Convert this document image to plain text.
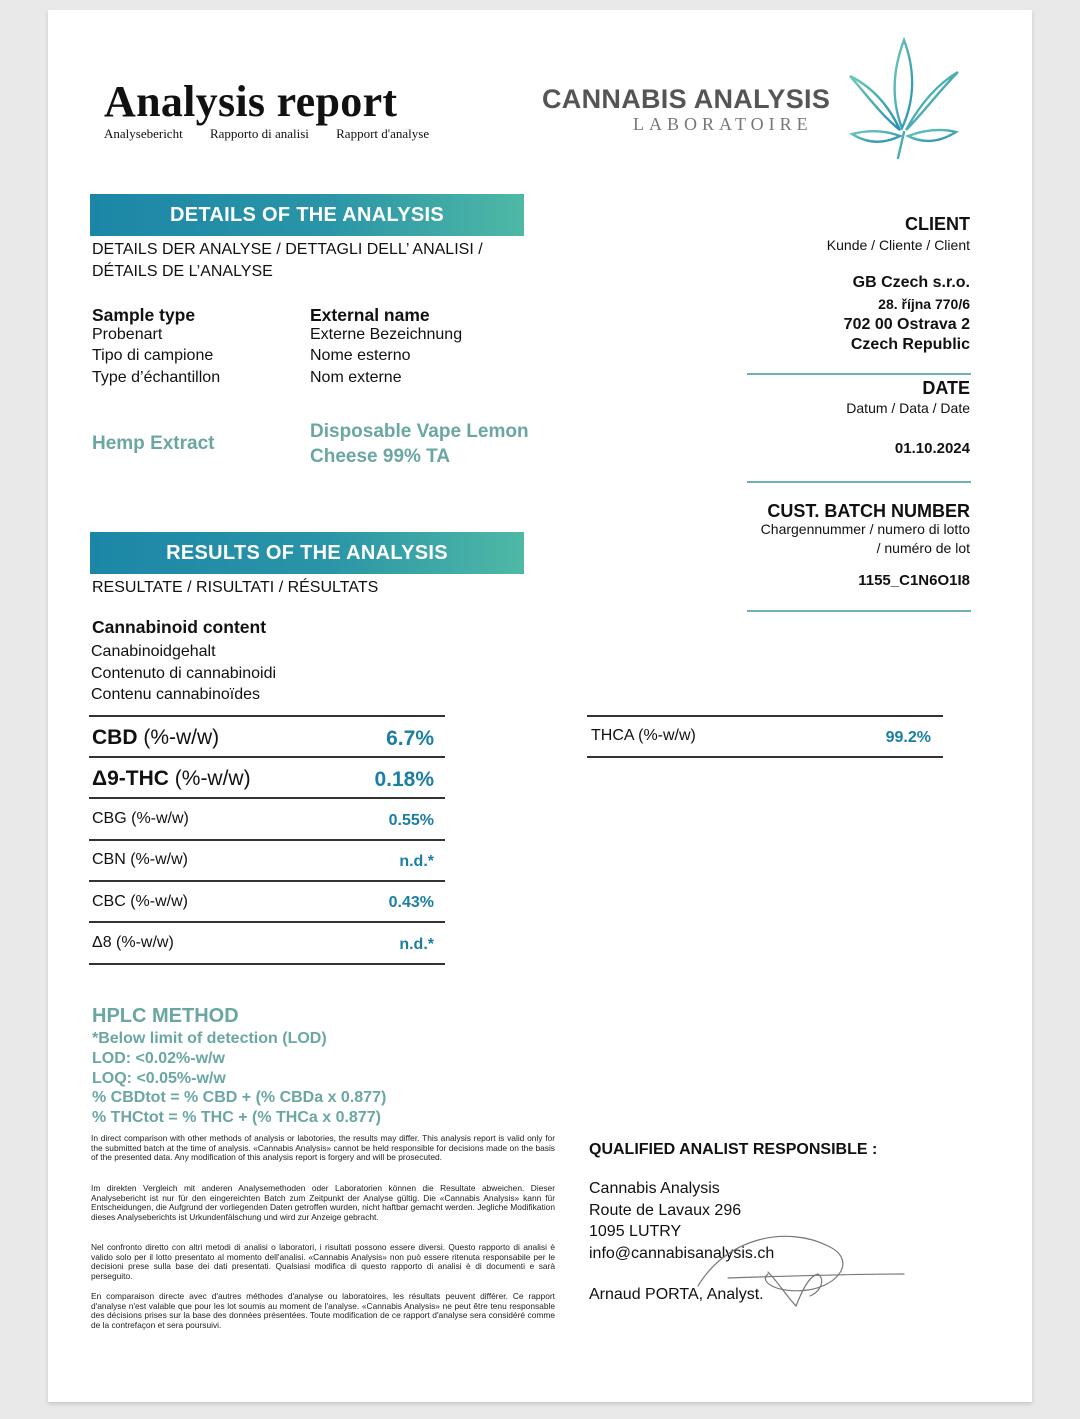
Analysis report
Analysebericht Rapporto di analisi Rapport d'analyse
CANNABIS ANALYSIS
LABORATOIRE
DETAILS OF THE ANALYSIS
DETAILS DER ANALYSE / DETTAGLI DELL’ ANALISI /
DÉTAILS DE L’ANALYSE
Sample type
Probenart
Tipo di campione
Type d’échantillon
Hemp Extract
External name
Externe Bezeichnung
Nome esterno
Nom externe
Disposable Vape Lemon
Cheese 99% TA
CLIENT
Kunde / Cliente / Client
GB Czech s.r.o.
28. října 770/6
702 00 Ostrava 2
Czech Republic
DATE
Datum / Data / Date
01.10.2024
CUST. BATCH NUMBER
Chargennummer / numero di lotto
/ numéro de lot
1155_C1N6O1I8
RESULTS OF THE ANALYSIS
RESULTATE / RISULTATI / RÉSULTATS
Cannabinoid content
Canabinoidgehalt
Contenuto di cannabinoidi
Contenu cannabinoïdes
CBD (%-w/w)	6.7%
Δ9-THC (%-w/w)	0.18%
CBG (%-w/w)	0.55%
CBN (%-w/w)	n.d.*
CBC (%-w/w)	0.43%
Δ8 (%-w/w)	n.d.*
THCA (%-w/w)	99.2%
HPLC METHOD
*Below limit of detection (LOD)
LOD: <0.02%-w/w
LOQ: <0.05%-w/w
% CBDtot = % CBD + (% CBDa x 0.877)
% THCtot = % THC + (% THCa x 0.877)
In direct comparison with other methods of analysis or labotories, the results may differ. This analysis report is valid only for the submitted batch at the time of analysis. «Cannabis Analysis» cannot be held responsible for decisions made on the basis of the presented data. Any modification of this analysis report is forgery and will be prosecuted.
Im direkten Vergleich mit anderen Analysemethoden oder Laboratorien können die Resultate abweichen. Dieser Analysebericht ist nur für den eingereichten Batch zum Zeitpunkt der Analyse gültig. Die «Cannabis Analysis» kann für Entscheidungen, die Aufgrund der vorliegenden Daten getroffen wurden, nicht haftbar gemacht werden. Jegliche Modifikation dieses Analyseberichts ist Urkundenfälschung und wird zur Anzeige gebracht.
Nel confronto diretto con altri metodi di analisi o laboratori, i risultati possono essere diversi. Questo rapporto di analisi è valido solo per il lotto presentato al momento dell'analisi. «Cannabis Analysis» non può essere ritenuta responsabile per le decisioni prese sulla base dei dati presentati. Qualsiasi modifica di questo rapporto di analisi è di documenti e sarà perseguito.
En comparaison directe avec d'autres méthodes d'analyse ou laboratoires, les résultats peuvent différer. Ce rapport d'analyse n'est valable que pour les lot soumis au moment de l'analyse. «Cannabis Analysis» ne peut être tenu responsable des décisions prises sur la base des données présentées. Toute modification de ce rapport d'analyse sera considéré comme de la contrefaçon et sera poursuivi.
QUALIFIED ANALIST RESPONSIBLE :
Cannabis Analysis
Route de Lavaux 296
1095 LUTRY
info@cannabisanalysis.ch
Arnaud PORTA, Analyst.
